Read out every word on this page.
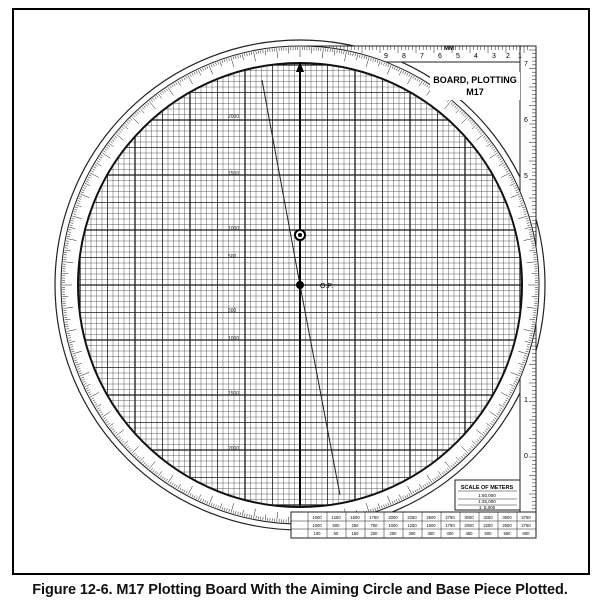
9 8 7 6 5 4 3 2 1
MM
7
6
5
1
0
O.P.
2000
1500
1000
500
500
1000
1500
2000
BOARD, PLOTTING
M17
SCALE OF METERS
1:50,000
1:25,000
1: 5,000
1000 1250 1500 1750 2000 2250 2500 2750 3000 3250 3500 3750
1000	500	250	750	1000 1250 1500 1750 2000 2250 2500 2750
100	50	150	200	250	300	350	400	450	500	550	600
Figure 12-6. M17 Plotting Board With the Aiming Circle and Base Piece Plotted.
